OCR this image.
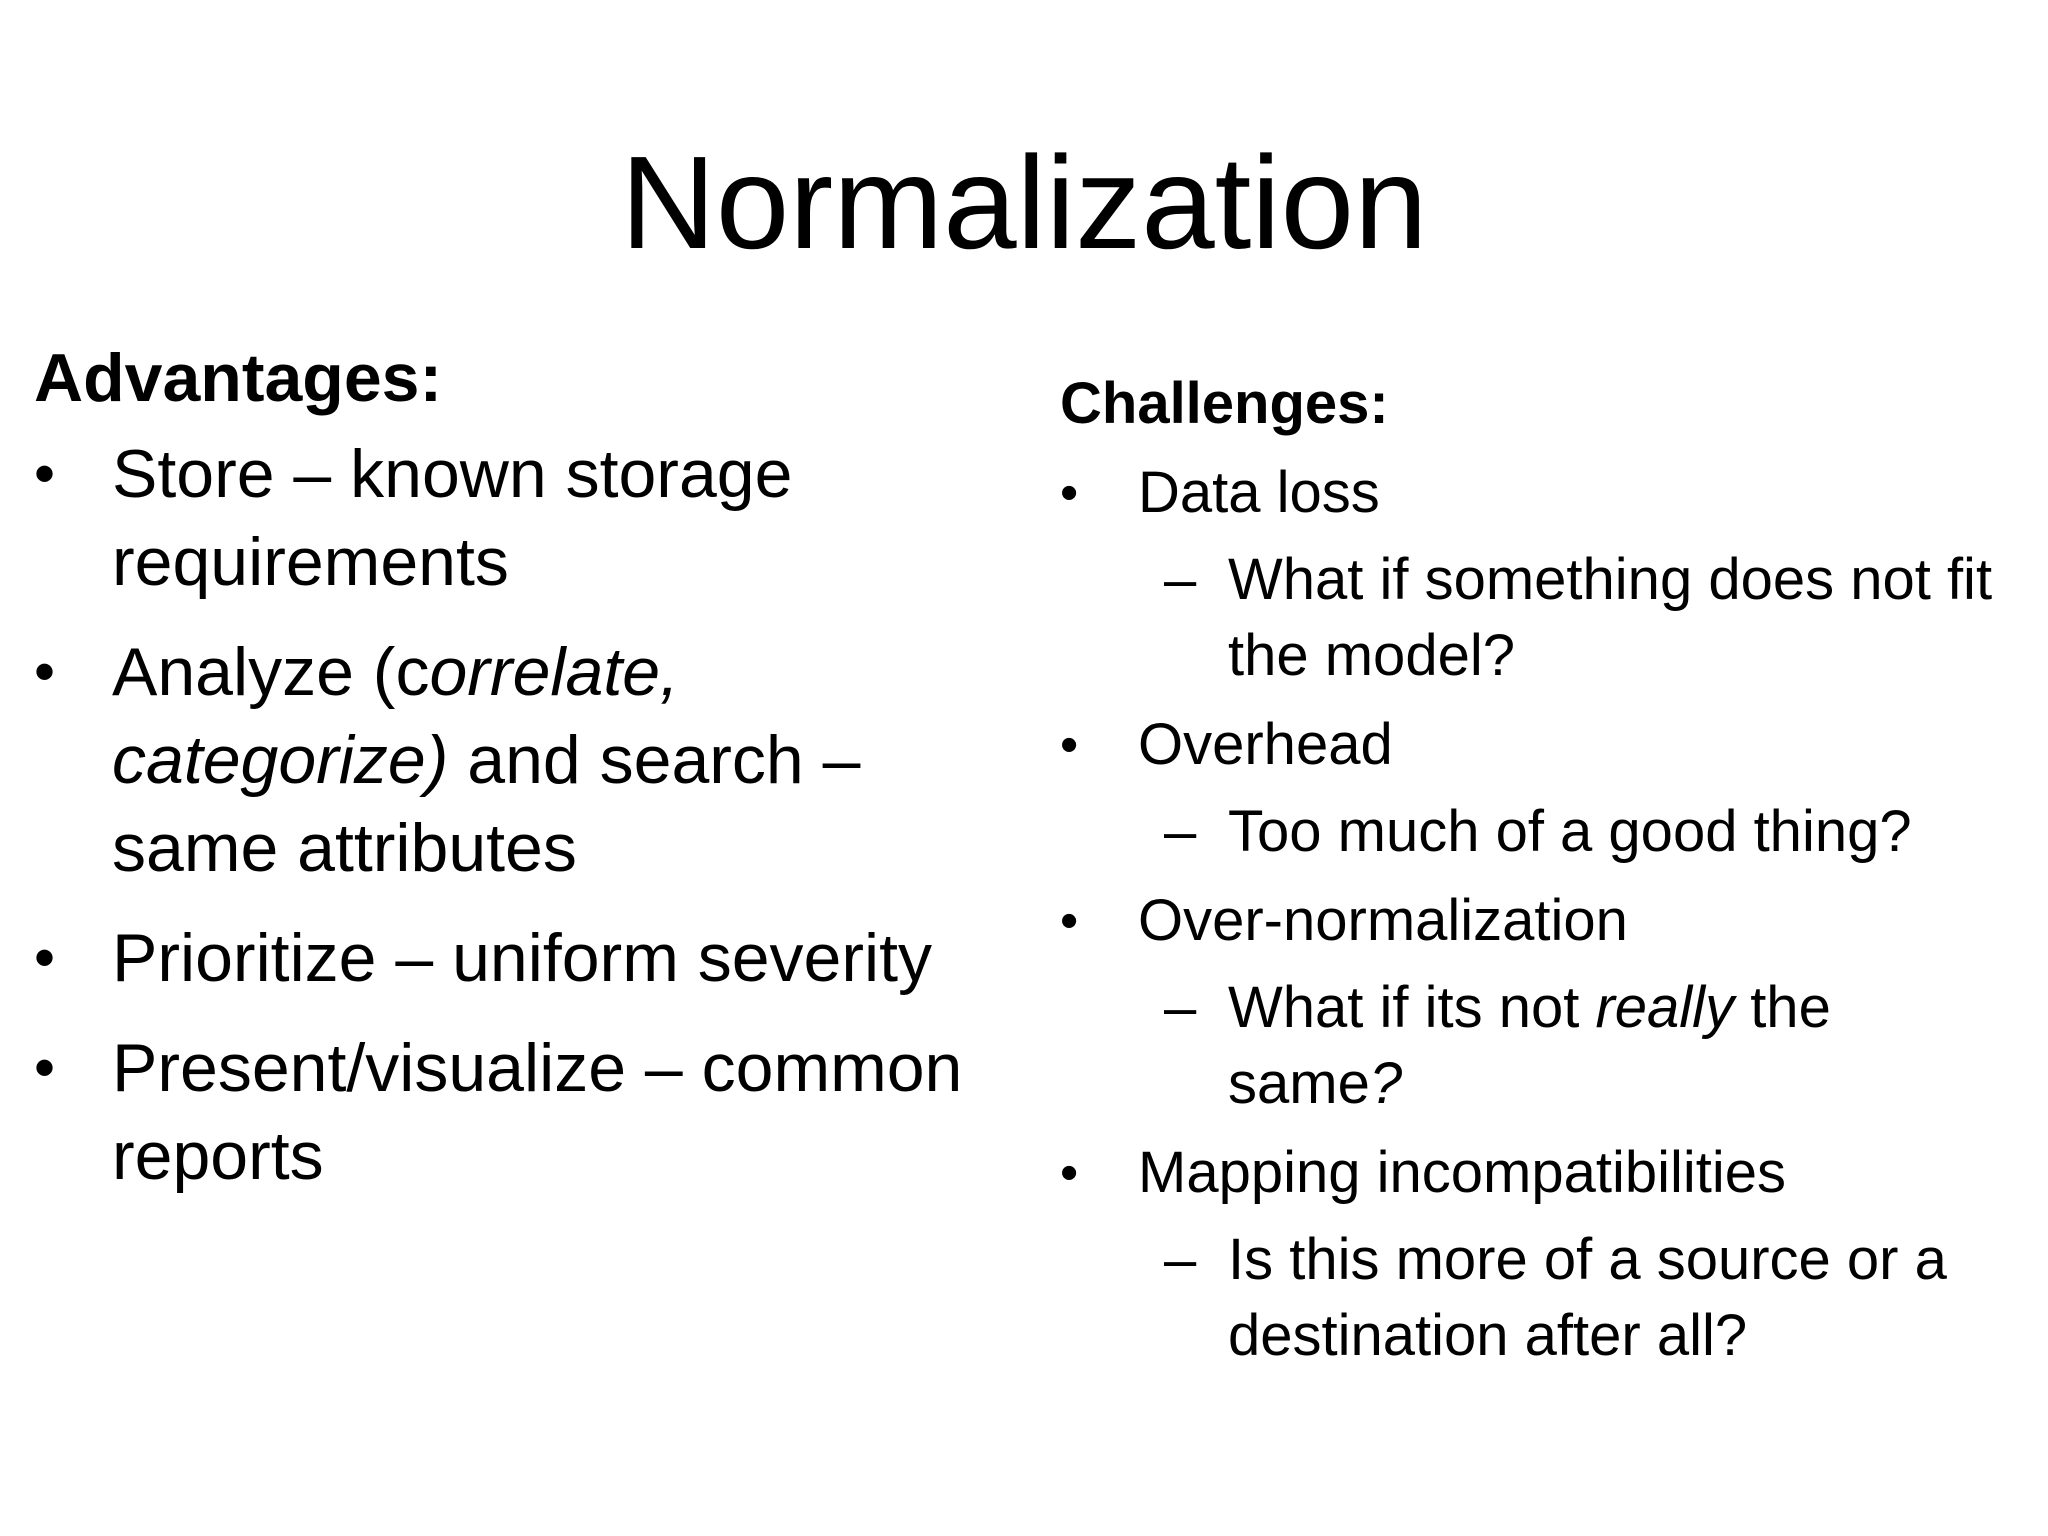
Normalization
Advantages:
• Store – known storage requirements
• Analyze (correlate, categorize) and search – same attributes
• Prioritize – uniform severity
• Present/visualize – common reports
Challenges:
• Data loss
– What if something does not fit the model?
• Overhead
– Too much of a good thing?
• Over-normalization
– What if its not really the same?
• Mapping incompatibilities
– Is this more of a source or a destination after all?
